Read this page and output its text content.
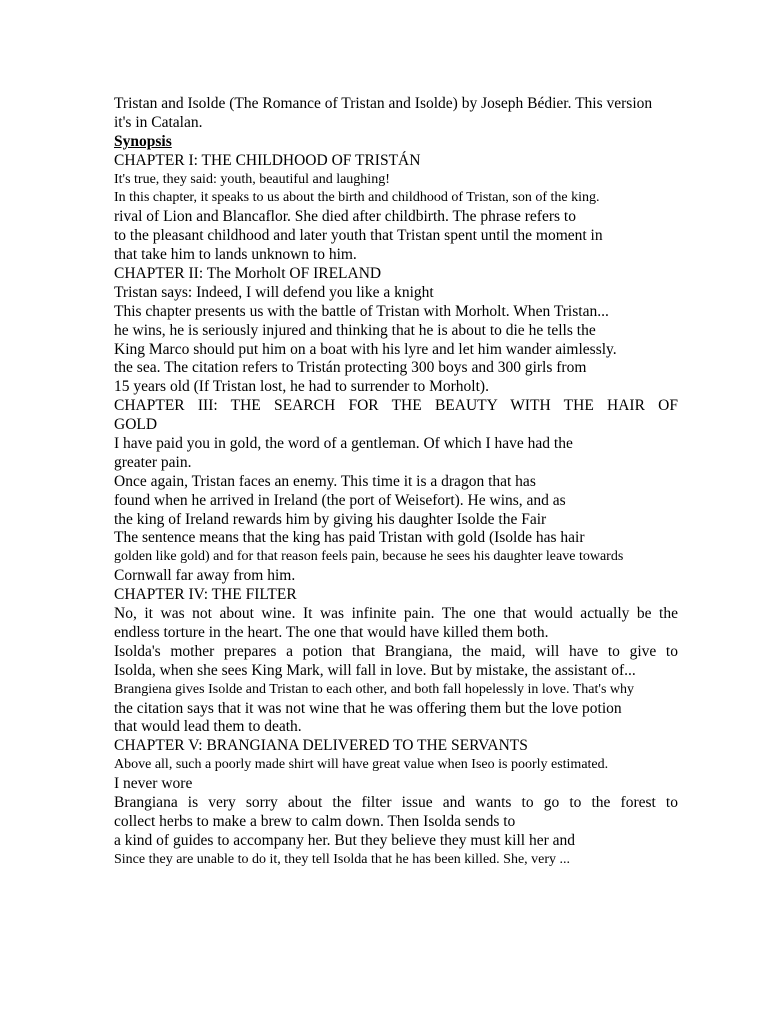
Tristan and Isolde (The Romance of Tristan and Isolde) by Joseph Bédier. This version
it's in Catalan.
Synopsis
CHAPTER I: THE CHILDHOOD OF TRISTÁN
It's true, they said: youth, beautiful and laughing!
In this chapter, it speaks to us about the birth and childhood of Tristan, son of the king.
rival of Lion and Blancaflor. She died after childbirth. The phrase refers to
to the pleasant childhood and later youth that Tristan spent until the moment in
that take him to lands unknown to him.
CHAPTER II: The Morholt OF IRELAND
Tristan says: Indeed, I will defend you like a knight
This chapter presents us with the battle of Tristan with Morholt. When Tristan...
he wins, he is seriously injured and thinking that he is about to die he tells the
King Marco should put him on a boat with his lyre and let him wander aimlessly.
the sea. The citation refers to Tristán protecting 300 boys and 300 girls from
15 years old (If Tristan lost, he had to surrender to Morholt).
CHAPTER III: THE SEARCH FOR THE BEAUTY WITH THE HAIR OF
GOLD
I have paid you in gold, the word of a gentleman. Of which I have had the
greater pain.
Once again, Tristan faces an enemy. This time it is a dragon that has
found when he arrived in Ireland (the port of Weisefort). He wins, and as
the king of Ireland rewards him by giving his daughter Isolde the Fair
The sentence means that the king has paid Tristan with gold (Isolde has hair
golden like gold) and for that reason feels pain, because he sees his daughter leave towards
Cornwall far away from him.
CHAPTER IV: THE FILTER
No, it was not about wine. It was infinite pain. The one that would actually be the
endless torture in the heart. The one that would have killed them both.
Isolda's mother prepares a potion that Brangiana, the maid, will have to give to
Isolda, when she sees King Mark, will fall in love. But by mistake, the assistant of...
Brangiena gives Isolde and Tristan to each other, and both fall hopelessly in love. That's why
the citation says that it was not wine that he was offering them but the love potion
that would lead them to death.
CHAPTER V: BRANGIANA DELIVERED TO THE SERVANTS
Above all, such a poorly made shirt will have great value when Iseo is poorly estimated.
I never wore
Brangiana is very sorry about the filter issue and wants to go to the forest to
collect herbs to make a brew to calm down. Then Isolda sends to
a kind of guides to accompany her. But they believe they must kill her and
Since they are unable to do it, they tell Isolda that he has been killed. She, very ...
